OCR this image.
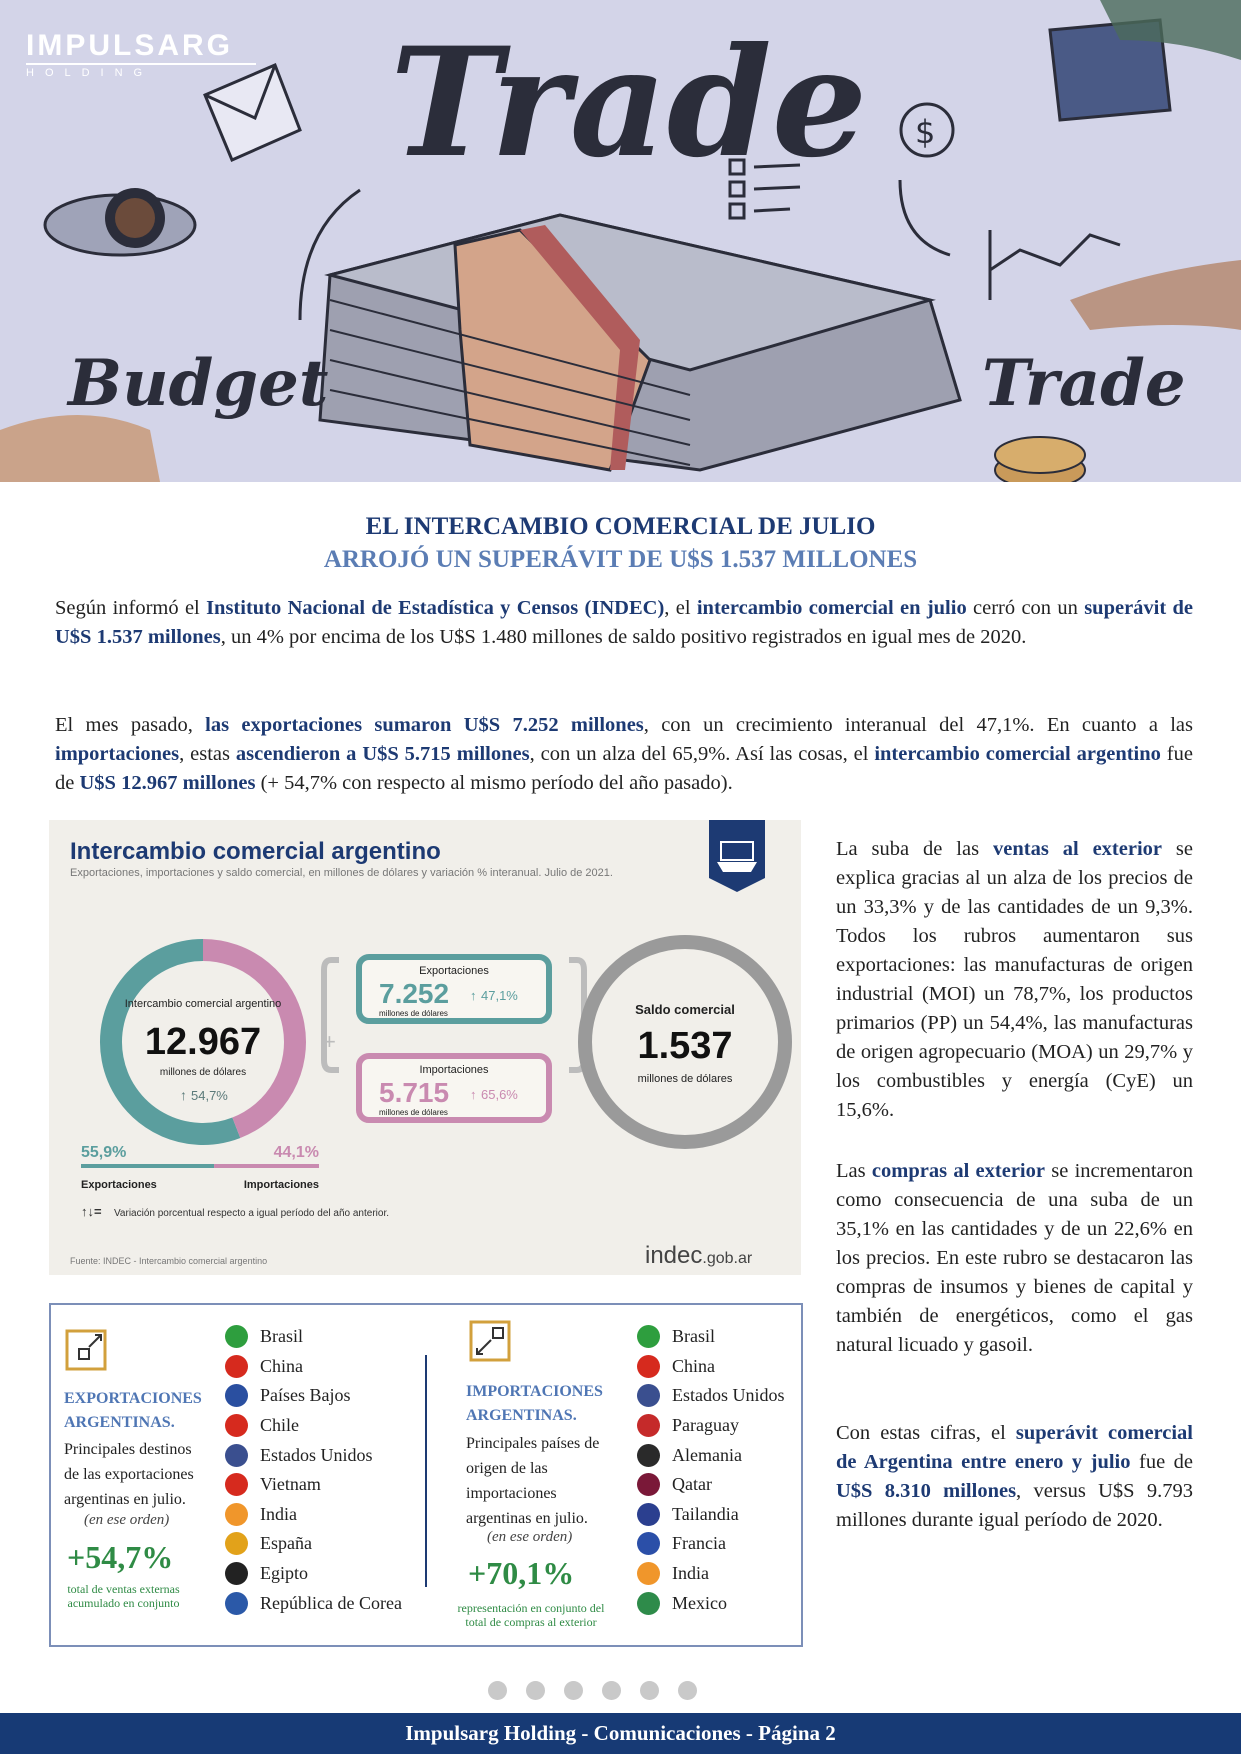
$
Trade
Budget	Trade
IMPULSARG
HOLDING
EL INTERCAMBIO COMERCIAL DE JULIO
ARROJÓ UN SUPERÁVIT DE U$S 1.537 MILLONES
Según informó el Instituto Nacional de Estadística y Censos (INDEC), el intercambio comercial en julio cerró con un superávit de U$S 1.537 millones, un 4% por encima de los U$S 1.480 millones de saldo positivo registrados en igual mes de 2020.
El mes pasado, las exportaciones sumaron U$S 7.252 millones, con un crecimiento interanual del 47,1%. En cuanto a las importaciones, estas ascendieron a U$S 5.715 millones, con un alza del 65,9%. Así las cosas, el intercambio comercial argentino fue de U$S 12.967 millones (+ 54,7% con respecto al mismo período del año pasado).
Intercambio comercial argentino
Exportaciones, importaciones y saldo comercial, en millones de dólares y variación % interanual. Julio de 2021.
Intercambio comercial argentino
12.967
millones de dólares
↑ 54,7%
+	-
Exportaciones
7.252
millones de dólares
↑ 47,1%
Importaciones
5.715
millones de dólares
↑ 65,6%
Saldo comercial
1.537
millones de dólares
55,9%	44,1%
Exportaciones	Importaciones
↑↓= Variación porcentual respecto a igual período del año anterior.
Fuente: INDEC - Intercambio comercial argentino	indec.gob.ar
La suba de las ventas al exterior se explica gracias al un alza de los precios de un 33,3% y de las cantidades de un 9,3%. Todos los rubros aumentaron sus exportaciones: las manufacturas de origen industrial (MOI) un 78,7%, los productos primarios (PP) un 54,4%, las manufacturas de origen agropecuario (MOA) un 29,7% y los combustibles y energía (CyE) un 15,6%.
Las compras al exterior se incrementaron como consecuencia de una suba de un 35,1% en las cantidades y de un 22,6% en los precios. En este rubro se destacaron las compras de insumos y bienes de capital y también de energéticos, como el gas natural licuado y gasoil.
Con estas cifras, el superávit comercial de Argentina entre enero y julio fue de U$S 8.310 millones, versus U$S 9.793 millones durante igual período de 2020.
EXPORTACIONES ARGENTINAS.
Principales destinos de las exportaciones argentinas en julio.
(en ese orden)
+54,7%
total de ventas externas acumulado en conjunto
Brasil
China
Países Bajos
Chile
Estados Unidos
Vietnam
India
España
Egipto
República de Corea
IMPORTACIONES ARGENTINAS.
Principales países de origen de las importaciones argentinas en julio.
(en ese orden)
+70,1%
representación en conjunto del total de compras al exterior
Brasil
China
Estados Unidos
Paraguay
Alemania
Qatar
Tailandia
Francia
India
Mexico
Impulsarg Holding - Comunicaciones - Página 2
